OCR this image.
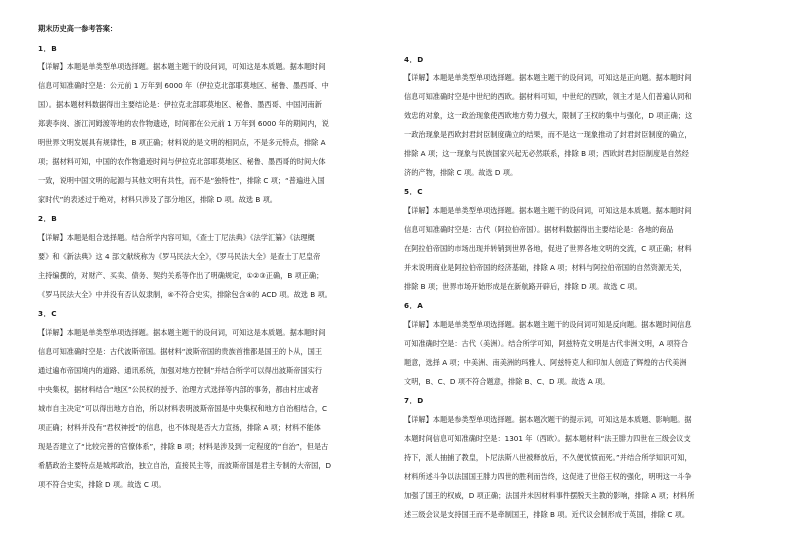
期末历史高一参考答案：
1．B
【详解】本题是单类型单项选择题。据本题主题干的设问词，可知这是本质题。据本题时间
信息可知准确时空是：公元前 1 万年到 6000 年（伊拉克北部耶莫地区、秘鲁、墨西哥、中
国）。据本题材料数据得出主要结论是：伊拉克北部耶莫地区、秘鲁、墨西哥、中国河南新
郑裴李岗、浙江河姆渡等地的农作物遗迹，时间都在公元前 1 万年到 6000 年的期间内，说
明世界文明发展具有规律性，B 项正确；材料说的是文明的相同点，不是多元特点，排除 A
项；据材料可知，中国的农作物遗迹时间与伊拉克北部耶莫地区、秘鲁、墨西哥的时间大体
一致，说明中国文明的起源与其他文明有共性，而不是“独特性”，排除 C 项；“普遍进入国
家时代”的表述过于绝对，材料只涉及了部分地区，排除 D 项。故选 B 项。
2．B
【详解】本题是组合选择题。结合所学内容可知，《查士丁尼法典》《法学汇纂》《法理概
要》和《新法典》这 4 部文献统称为《罗马民法大全》，《罗马民法大全》是查士丁尼皇帝
主持编撰的，对财产、买卖、债务、契约关系等作出了明确规定，①②③正确，B 项正确；
《罗马民法大全》中并没有否认奴隶制，④不符合史实，排除包含④的 ACD 项。故选 B 项。
3．C
【详解】本题是单类型单项选择题。据本题主题干的设问词，可知这是本质题。据本题时间
信息可知准确时空是：古代波斯帝国。据材料“波斯帝国的贵族首推都是国王的卜从，国王
通过遍布帝国境内的道路、通讯系统，加强对地方控制”并结合所学可以得出波斯帝国实行
中央集权，据材料结合“地区”公民权的授予、治理方式选择等内部的事务，都由村庄或者
城市自主决定”可以得出地方自治，所以材料表明波斯帝国是中央集权和地方自治相结合，C
项正确；材料并没有“君权神授”的信息，也不体现是否大力宣扬，排除 A 项；材料不能体
现是否建立了“比较完善的官僚体系”，排除 B 项；材料是涉及到一定程度的“自治”，但是古
希腊政治主要特点是城邦政治，独立自治，直接民主等，而波斯帝国是君主专制的大帝国，D
项不符合史实，排除 D 项。故选 C 项。
4．D
【详解】本题是单类型单项选择题。据本题主题干的设问词，可知这是正向题。据本题时间
信息可知准确时空是中世纪的西欧。据材料可知，中世纪的西欧，领主才是人们普遍认同和
效忠的对象，这一政治现象使西欧地方势力强大，限制了王权的集中与强化，D 项正确；这
一政治现象是西欧封君封臣制度确立的结果，而不是这一现象推动了封君封臣制度的确立，
排除 A 项；这一现象与民族国家兴起无必然联系，排除 B 项；西欧封君封臣制度是自然经
济的产物，排除 C 项。故选 D 项。
5．C
【详解】本题是单类型单项选择题。据本题主题干的设问词，可知这是本质题。据本题时间
信息可知准确时空是：古代（阿拉伯帝国）。据材料数据得出主要结论是：各地的商品
在阿拉伯帝国的市场出现并转销到世界各地，促进了世界各地文明的交流，C 项正确；材料
并未说明商业是阿拉伯帝国的经济基础，排除 A 项；材料与阿拉伯帝国的自然资源无关，
排除 B 项；世界市场开始形成是在新航路开辟后，排除 D 项。故选 C 项。
6．A
【详解】本题是单类型单项选择题。据本题主题干的设问词可知是反向题。据本题时间信息
可知准确时空是：古代（美洲）。结合所学可知，阿兹特克文明是古代非洲文明，A 项符合
题意，选择 A 项；中美洲、南美洲的玛雅人、阿兹特克人和印加人创造了辉煌的古代美洲
文明，B、C、D 项不符合题意，排除 B、C、D 项。故选 A 项。
7．D
【详解】本题是参类型单项选择题。据本题次题干的提示词，可知这是本质题、影响题。据
本题时间信息可知准确时空是：1301 年（西欧）。据本题材料“法王腓力四世在三级会议支
持下，派人抽捕了教皇，卜尼法斯八世被释放后，不久便忧愤而死。”并结合所学知识可知，
材料所述斗争以法国国王腓力四世的胜利而告终，这促进了世俗王权的强化，明明这一斗争
加强了国王的权威，D 项正确；法国并未因材料事件摆脱天主教的影响，排除 A 项；材料所
述三级会议是支持国王而不是牵制国王，排除 B 项。近代议会制形成于英国，排除 C 项。
